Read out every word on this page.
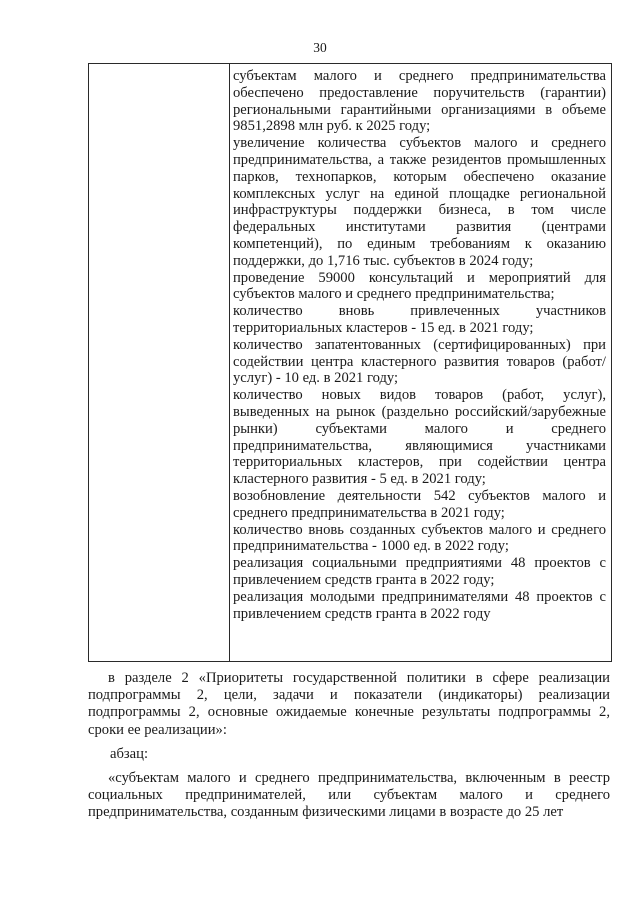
30

субъектам малого и среднего предпринимательства обеспечено предоставление поручительств (гарантии) региональными гарантийными организациями в объеме 9851,2898 млн руб. к 2025 году;

увеличение количества субъектов малого и среднего предпринимательства, а также резидентов промышленных парков, технопарков, которым обеспечено оказание комплексных услуг на единой площадке региональной инфраструктуры поддержки бизнеса, в том числе федеральных институтами развития (центрами компетенций), по единым требованиям к оказанию поддержки, до 1,716 тыс. субъектов в 2024 году;

проведение 59000 консультаций и мероприятий для субъектов малого и среднего предпринимательства;

количество вновь привлеченных участников территориальных кластеров - 15 ед. в 2021 году;

количество запатентованных (сертифицированных) при содействии центра кластерного развития товаров (работ/услуг) - 10 ед. в 2021 году;

количество новых видов товаров (работ, услуг), выведенных на рынок (раздельно российский/зарубежные рынки) субъектами малого и среднего предпринимательства, являющимися участниками территориальных кластеров, при содействии центра кластерного развития - 5 ед. в 2021 году;

возобновление деятельности 542 субъектов малого и среднего предпринимательства в 2021 году;

количество вновь созданных субъектов малого и среднего предпринимательства - 1000 ед. в 2022 году;

реализация социальными предприятиями 48 проектов с привлечением средств гранта в 2022 году;

реализация молодыми предпринимателями 48 проектов с привлечением средств гранта в 2022 году

в разделе 2 «Приоритеты государственной политики в сфере реализации подпрограммы 2, цели, задачи и показатели (индикаторы) реализации подпрограммы 2, основные ожидаемые конечные результаты подпрограммы 2, сроки ее реализации»:

абзац:

«субъектам малого и среднего предпринимательства, включенным в реестр социальных предпринимателей, или субъектам малого и среднего предпринимательства, созданным физическими лицами в возрасте до 25 лет
